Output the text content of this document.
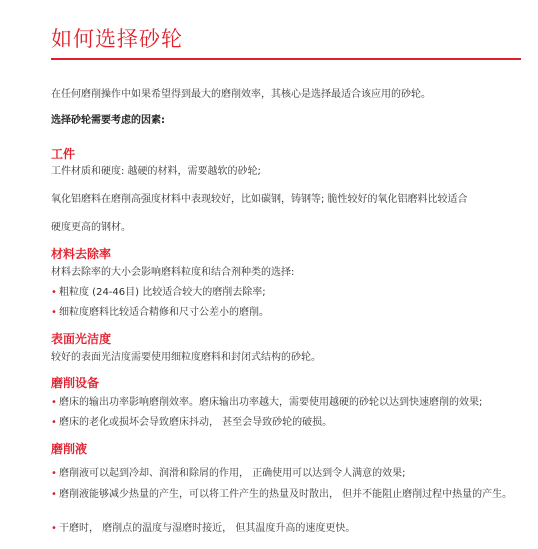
如何选择砂轮

在任何磨削操作中如果希望得到最大的磨削效率，其核心是选择最适合该应用的砂轮。

选择砂轮需要考虑的因素:

工件

工件材质和硬度: 越硬的材料，需要越软的砂轮;

氧化铝磨料在磨削高强度材料中表现较好，比如碳钢，铸钢等; 脆性较好的氧化铝磨料比较适合

硬度更高的钢材。

材料去除率

材料去除率的大小会影响磨料粒度和结合剂种类的选择:

• 粗粒度 (24-46目) 比较适合较大的磨削去除率;
• 细粒度磨料比较适合精修和尺寸公差小的磨削。

表面光洁度

较好的表面光洁度需要使用细粒度磨料和封闭式结构的砂轮。

磨削设备

• 磨床的输出功率影响磨削效率。磨床输出功率越大，需要使用越硬的砂轮以达到快速磨削的效果;
• 磨床的老化或损坏会导致磨床抖动， 甚至会导致砂轮的破损。

磨削液

• 磨削液可以起到冷却、润滑和除屑的作用， 正确使用可以达到令人满意的效果;
• 磨削液能够减少热量的产生，可以将工件产生的热量及时散出， 但并不能阻止磨削过程中热量的产生。
• 干磨时， 磨削点的温度与湿磨时接近， 但其温度升高的速度更快。
